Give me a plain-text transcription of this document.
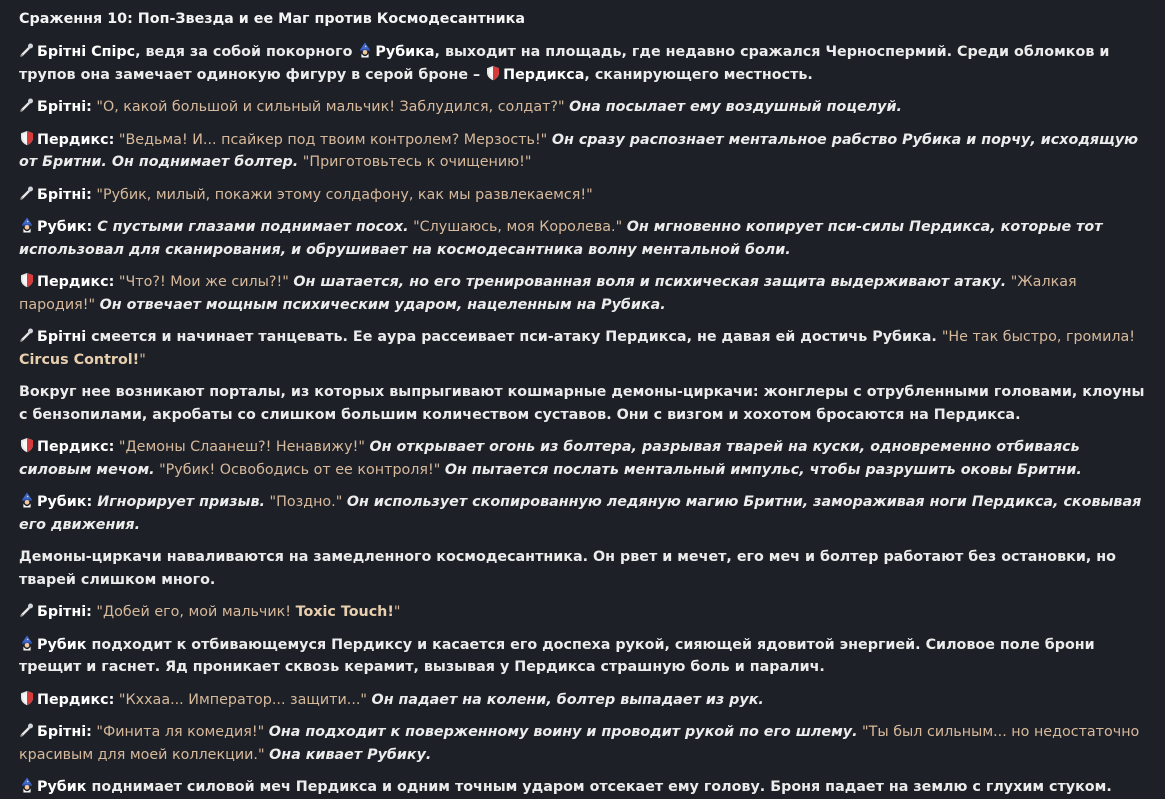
Сраження 10: Поп-Звезда и ее Маг против Космодесантника
Брітні Спірс, ведя за собой покорного
Рубика, выходит на площадь, где недавно сражался Черноспермий. Среди обломков и трупов она замечает одинокую фигуру в серой броне –
Пердикса, сканирующего местность.
Брітні: "О, какой большой и сильный мальчик! Заблудился, солдат?" Она посылает ему воздушный поцелуй.
Пердикс: "Ведьма! И... псайкер под твоим контролем? Мерзость!" Он сразу распознает ментальное рабство Рубика и порчу, исходящую от Бритни. Он поднимает болтер. "Приготовьтесь к очищению!"
Брітні: "Рубик, милый, покажи этому солдафону, как мы развлекаемся!"
Рубик: С пустыми глазами поднимает посох. "Слушаюсь, моя Королева." Он мгновенно копирует пси-силы Пердикса, которые тот использовал для сканирования, и обрушивает на космодесантника волну ментальной боли.
Пердикс: "Что?! Мои же силы?!" Он шатается, но его тренированная воля и психическая защита выдерживают атаку. "Жалкая пародия!" Он отвечает мощным психическим ударом, нацеленным на Рубика.
Брітні смеется и начинает танцевать. Ее аура рассеивает пси-атаку Пердикса, не давая ей достичь Рубика. "Не так быстро, громила! Circus Control!"
Вокруг нее возникают порталы, из которых выпрыгивают кошмарные демоны-циркачи: жонглеры с отрубленными головами, клоуны с бензопилами, акробаты со слишком большим количеством суставов. Они с визгом и хохотом бросаются на Пердикса.
Пердикс: "Демоны Слаанеш?! Ненавижу!" Он открывает огонь из болтера, разрывая тварей на куски, одновременно отбиваясь силовым мечом. "Рубик! Освободись от ее контроля!" Он пытается послать ментальный импульс, чтобы разрушить оковы Бритни.
Рубик: Игнорирует призыв. "Поздно." Он использует скопированную ледяную магию Бритни, замораживая ноги Пердикса, сковывая его движения.
Демоны-циркачи наваливаются на замедленного космодесантника. Он рвет и мечет, его меч и болтер работают без остановки, но тварей слишком много.
Брітні: "Добей его, мой мальчик! Toxic Touch!"
Рубик подходит к отбивающемуся Пердиксу и касается его доспеха рукой, сияющей ядовитой энергией. Силовое поле брони трещит и гаснет. Яд проникает сквозь керамит, вызывая у Пердикса страшную боль и паралич.
Пердикс: "Кххаа... Император... защити..." Он падает на колени, болтер выпадает из рук.
Брітні: "Финита ля комедия!" Она подходит к поверженному воину и проводит рукой по его шлему. "Ты был сильным... но недостаточно красивым для моей коллекции." Она кивает Рубику.
Рубик поднимает силовой меч Пердикса и одним точным ударом отсекает ему голову. Броня падает на землю с глухим стуком.
